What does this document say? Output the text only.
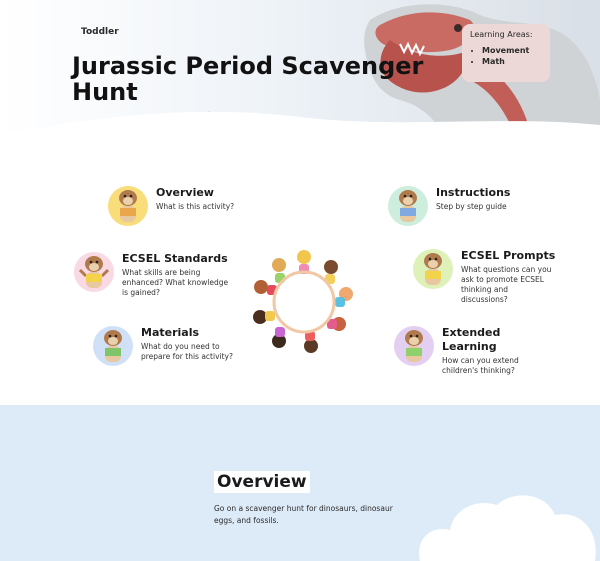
Toddler
Jurassic Period Scavenger Hunt
Learning Areas:
• Movement
• Math
Overview
What is this activity?
ECSEL Standards
What skills are being enhanced? What knowledge is gained?
Materials
What do you need to prepare for this activity?
Instructions
Step by step guide
ECSEL Prompts
What questions can you ask to promote ECSEL thinking and discussions?
Extended Learning
How can you extend children's thinking?
Overview
Go on a scavenger hunt for dinosaurs, dinosaur eggs, and fossils.
